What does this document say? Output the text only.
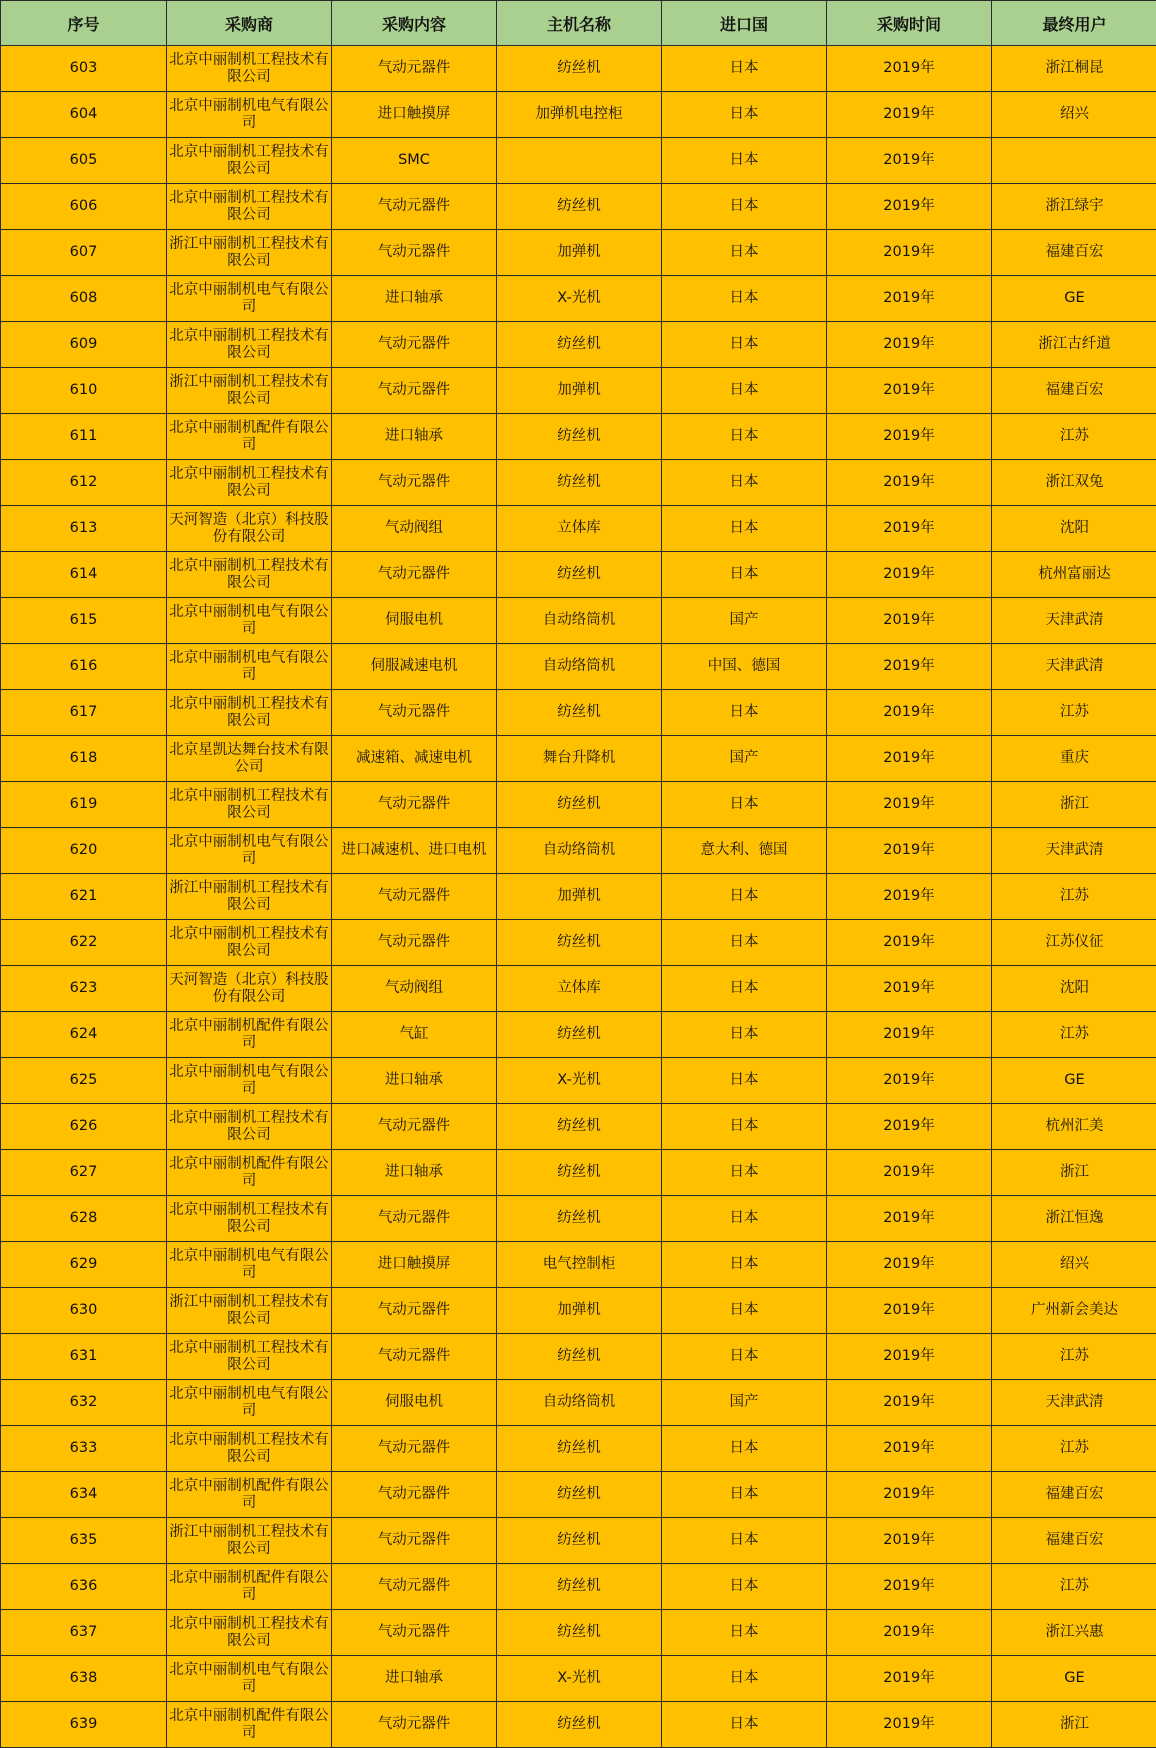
序号	采购商	采购内容	主机名称	进口国	采购时间	最终用户
603	北京中丽制机工程技术有限公司	气动元器件	纺丝机	日本	2019年	浙江桐昆
604	北京中丽制机电气有限公司	进口触摸屏	加弹机电控柜	日本	2019年	绍兴
605	北京中丽制机工程技术有限公司	SMC		日本	2019年	
606	北京中丽制机工程技术有限公司	气动元器件	纺丝机	日本	2019年	浙江绿宇
607	浙江中丽制机工程技术有限公司	气动元器件	加弹机	日本	2019年	福建百宏
608	北京中丽制机电气有限公司	进口轴承	X-光机	日本	2019年	GE
609	北京中丽制机工程技术有限公司	气动元器件	纺丝机	日本	2019年	浙江古纤道
610	浙江中丽制机工程技术有限公司	气动元器件	加弹机	日本	2019年	福建百宏
611	北京中丽制机配件有限公司	进口轴承	纺丝机	日本	2019年	江苏
612	北京中丽制机工程技术有限公司	气动元器件	纺丝机	日本	2019年	浙江双兔
613	天河智造（北京）科技股份有限公司	气动阀组	立体库	日本	2019年	沈阳
614	北京中丽制机工程技术有限公司	气动元器件	纺丝机	日本	2019年	杭州富丽达
615	北京中丽制机电气有限公司	伺服电机	自动络筒机	国产	2019年	天津武清
616	北京中丽制机电气有限公司	伺服减速电机	自动络筒机	中国、德国	2019年	天津武清
617	北京中丽制机工程技术有限公司	气动元器件	纺丝机	日本	2019年	江苏
618	北京星凯达舞台技术有限公司	减速箱、减速电机	舞台升降机	国产	2019年	重庆
619	北京中丽制机工程技术有限公司	气动元器件	纺丝机	日本	2019年	浙江
620	北京中丽制机电气有限公司	进口减速机、进口电机	自动络筒机	意大利、德国	2019年	天津武清
621	浙江中丽制机工程技术有限公司	气动元器件	加弹机	日本	2019年	江苏
622	北京中丽制机工程技术有限公司	气动元器件	纺丝机	日本	2019年	江苏仪征
623	天河智造（北京）科技股份有限公司	气动阀组	立体库	日本	2019年	沈阳
624	北京中丽制机配件有限公司	气缸	纺丝机	日本	2019年	江苏
625	北京中丽制机电气有限公司	进口轴承	X-光机	日本	2019年	GE
626	北京中丽制机工程技术有限公司	气动元器件	纺丝机	日本	2019年	杭州汇美
627	北京中丽制机配件有限公司	进口轴承	纺丝机	日本	2019年	浙江
628	北京中丽制机工程技术有限公司	气动元器件	纺丝机	日本	2019年	浙江恒逸
629	北京中丽制机电气有限公司	进口触摸屏	电气控制柜	日本	2019年	绍兴
630	浙江中丽制机工程技术有限公司	气动元器件	加弹机	日本	2019年	广州新会美达
631	北京中丽制机工程技术有限公司	气动元器件	纺丝机	日本	2019年	江苏
632	北京中丽制机电气有限公司	伺服电机	自动络筒机	国产	2019年	天津武清
633	北京中丽制机工程技术有限公司	气动元器件	纺丝机	日本	2019年	江苏
634	北京中丽制机配件有限公司	气动元器件	纺丝机	日本	2019年	福建百宏
635	浙江中丽制机工程技术有限公司	气动元器件	纺丝机	日本	2019年	福建百宏
636	北京中丽制机配件有限公司	气动元器件	纺丝机	日本	2019年	江苏
637	北京中丽制机工程技术有限公司	气动元器件	纺丝机	日本	2019年	浙江兴惠
638	北京中丽制机电气有限公司	进口轴承	X-光机	日本	2019年	GE
639	北京中丽制机配件有限公司	气动元器件	纺丝机	日本	2019年	浙江
